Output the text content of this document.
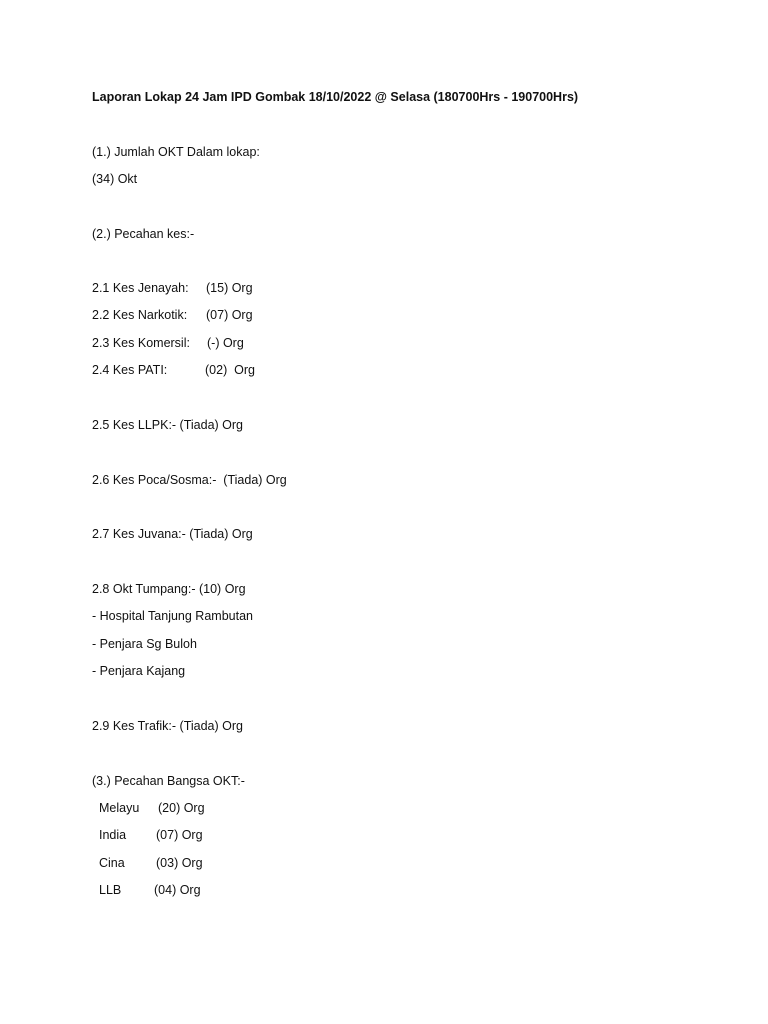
Laporan Lokap 24 Jam IPD Gombak 18/10/2022 @ Selasa (180700Hrs - 190700Hrs)
(1.) Jumlah OKT Dalam lokap:
(34) Okt
(2.) Pecahan kes:-
2.1 Kes Jenayah: (15) Org
2.2 Kes Narkotik: (07) Org
2.3 Kes Komersil: (-) Org
2.4 Kes PATI:	(02)  Org
2.5 Kes LLPK:- (Tiada) Org
2.6 Kes Poca/Sosma:-  (Tiada) Org
2.7 Kes Juvana:- (Tiada) Org
2.8 Okt Tumpang:- (10) Org
- Hospital Tanjung Rambutan
- Penjara Sg Buloh
- Penjara Kajang
2.9 Kes Trafik:- (Tiada) Org
(3.) Pecahan Bangsa OKT:-
Melayu (20) Org
India (07) Org
Cina	(03) Org
LLB	(04) Org
